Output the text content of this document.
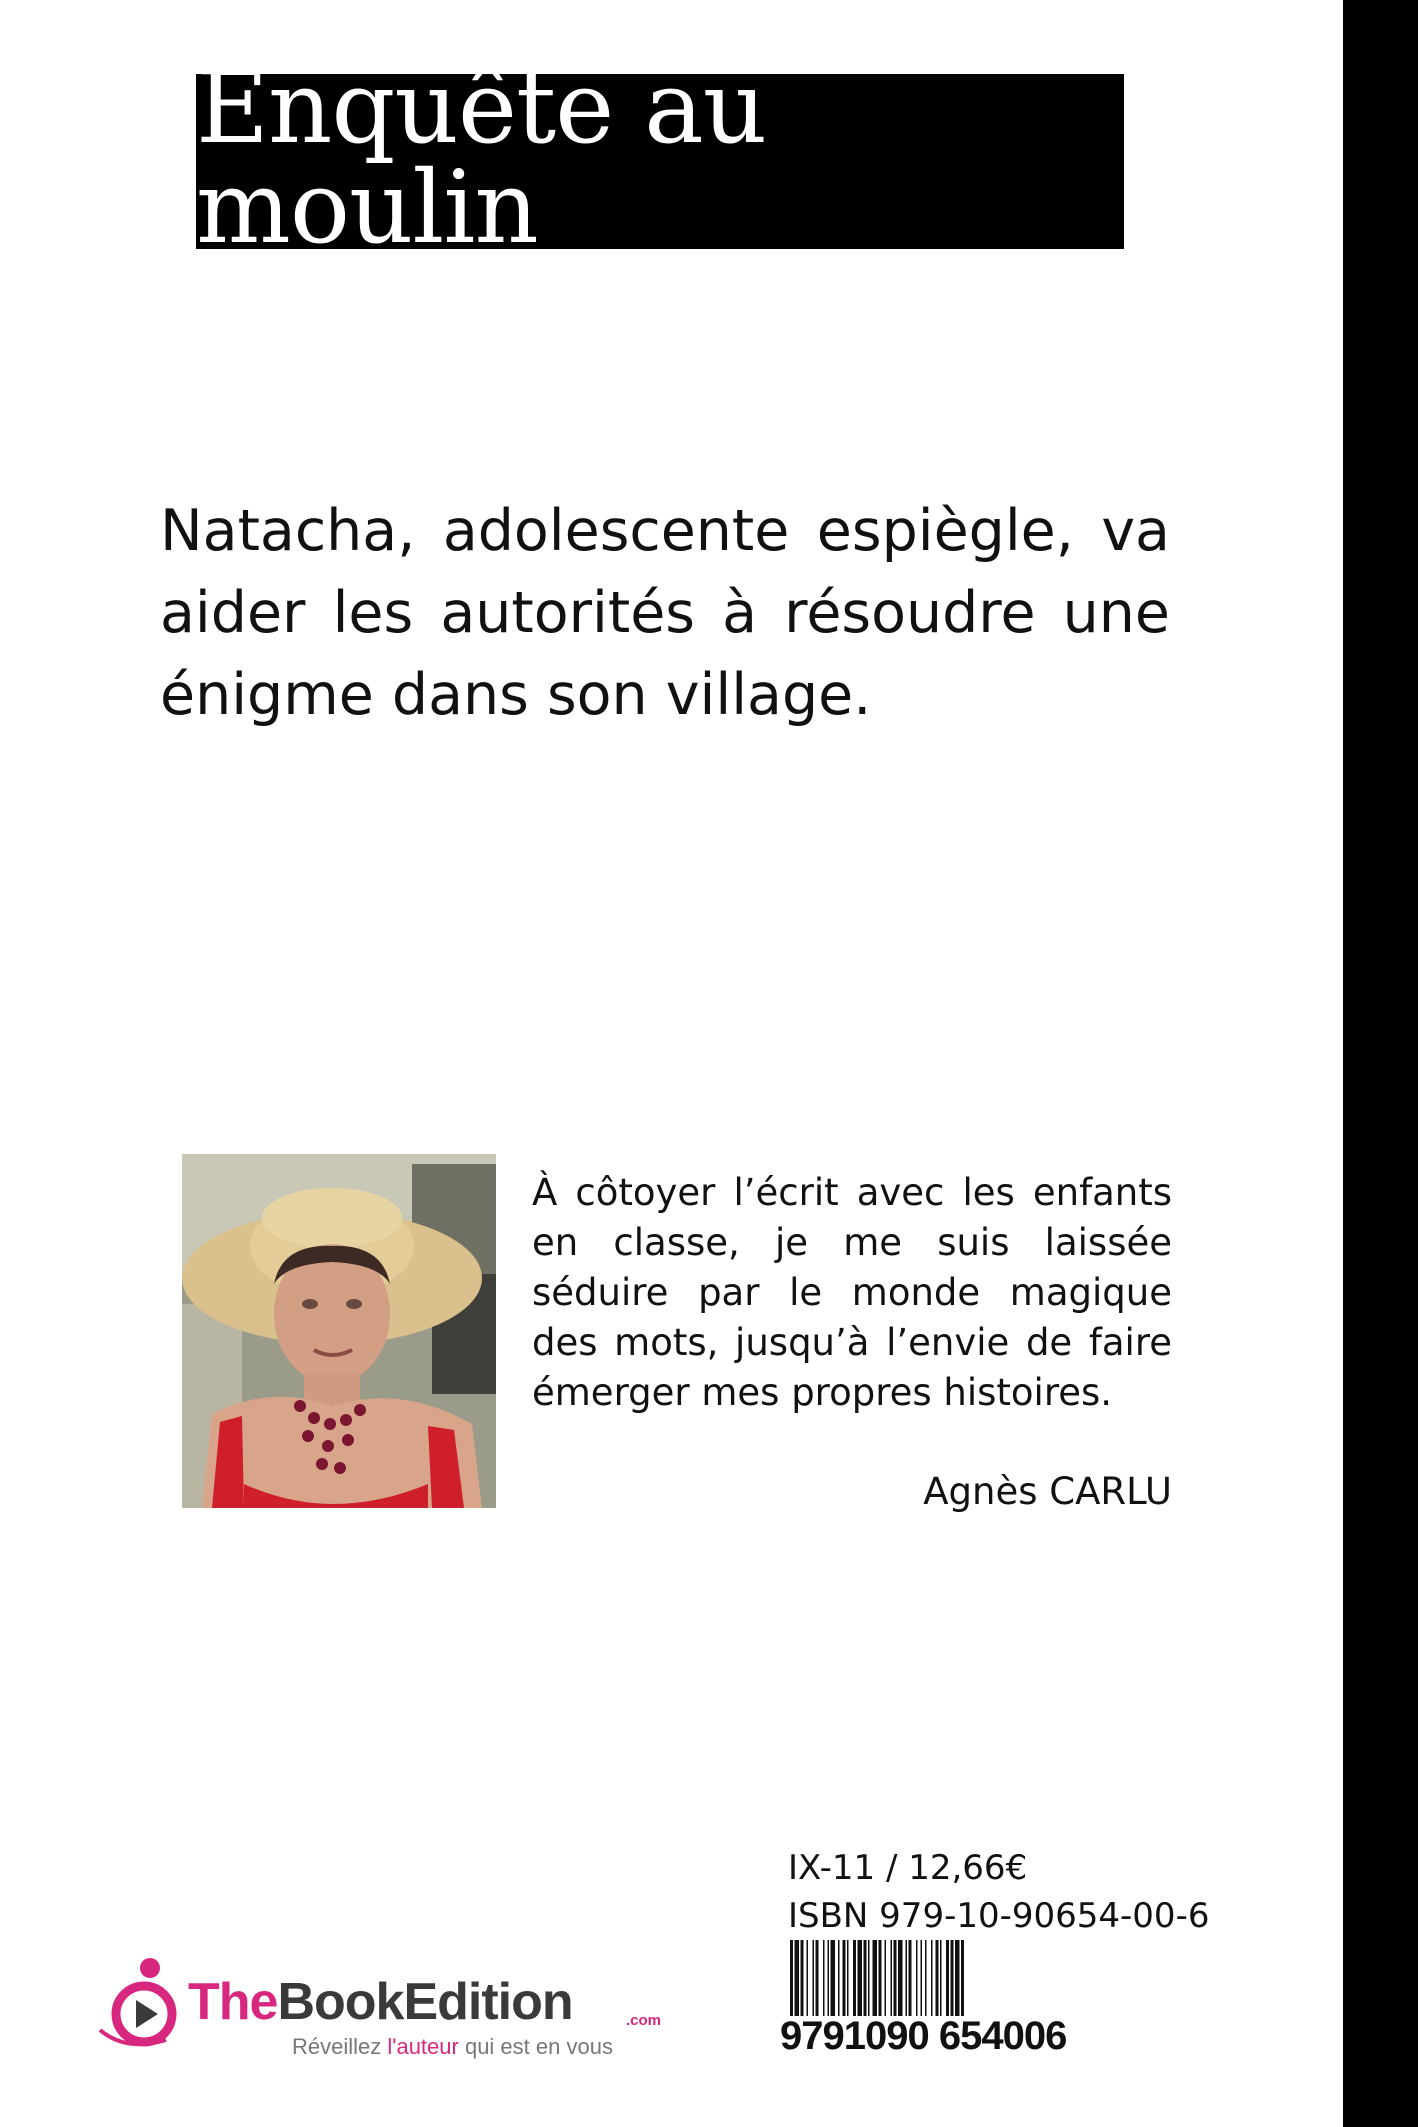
Enquête au moulin
Natacha, adolescente espiègle, va aider les autorités à résoudre une énigme dans son village.
À côtoyer l’écrit avec les enfants en classe, je me suis laissée séduire par le monde magique des mots, jusqu’à l’envie de faire émerger mes propres histoires.
Agnès CARLU
IX-11 / 12,66€
ISBN 979-10-90654-00-6
9791090 654006
TheBookEdition	.com
Réveillez l'auteur qui est en vous
